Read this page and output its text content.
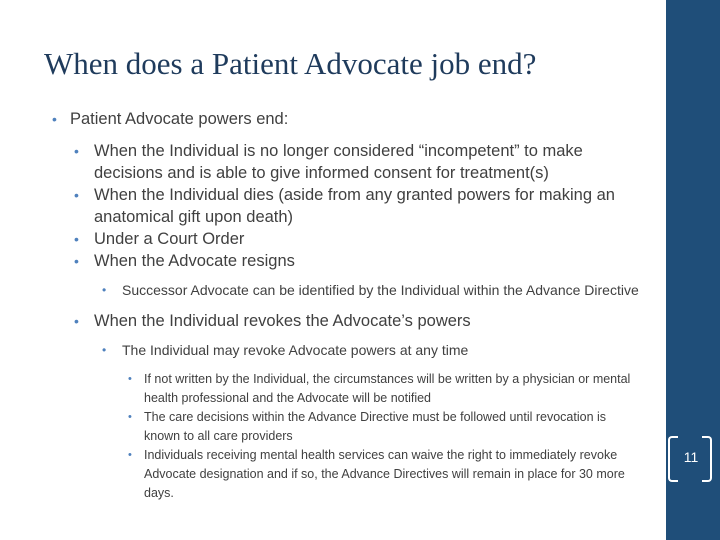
When does a Patient Advocate job end?
• Patient Advocate powers end:
• When the Individual is no longer considered “incompetent” to make decisions and is able to give informed consent for treatment(s)
• When the Individual dies (aside from any granted powers for making an anatomical gift upon death)
• Under a Court Order
• When the Advocate resigns
• Successor Advocate can be identified by the Individual within the Advance Directive
• When the Individual revokes the Advocate’s powers
• The Individual may revoke Advocate powers at any time
• If not written by the Individual, the circumstances will be written by a physician or mental health professional and the Advocate will be notified
• The care decisions within the Advance Directive must be followed until revocation is known to all care providers
• Individuals receiving mental health services can waive the right to immediately revoke Advocate designation and if so, the Advance Directives will remain in place for 30 more days.
11
